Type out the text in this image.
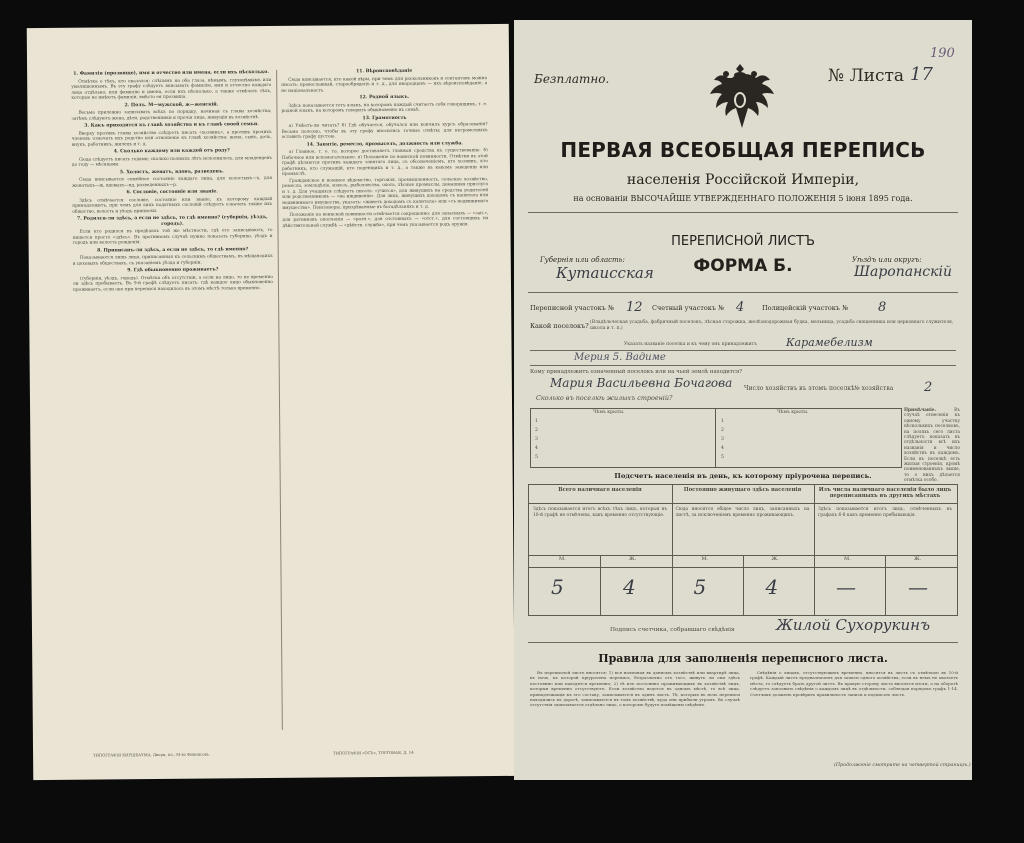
1. Фамилія (прозвище), имя и отчество или имена, если ихъ нѣсколько.
Отмѣтка о тѣхъ, кто оказался: слѣпымъ на оба глаза, нѣмымъ, глухонѣмымъ или умалишеннымъ. Въ эту графу слѣдуетъ вписывать фамилію, имя и отчество каждаго лица отдѣльно, или фамилію и имена, если ихъ нѣсколько, а также отмѣчать тѣхъ, которые не имѣютъ фамиліи, вмѣсто ея прозвища.
2. Полъ. М—мужской, ж—женскій.
Весьма прилежно записывать всѣхъ по порядку, начиная съ главы хозяйства; затѣмъ слѣдуютъ жена, дѣти, родственники и прочія лица, живущія въ хозяйствѣ.
3. Какъ приходится къ главѣ хозяйства и къ главѣ своей семьи.
Вверху противъ главы хозяйства слѣдуетъ писать «хозяинъ», а противъ прочихъ членовъ означать ихъ родство или отношеніе къ главѣ хозяйства: жена, сынъ, дочь, внукъ, работникъ, жилецъ и т. д.
4. Сколько каждому или каждой отъ роду?
Сюда слѣдуетъ писать годами; сколько полныхъ лѣтъ исполнилось, для младенцевъ до году — мѣсяцами.
5. Холостъ, женатъ, вдовъ, разведенъ.
Сюда вписывается семейное состояніе каждаго лица, для холостыхъ—х, для женатыхъ—ж, вдовыхъ—вд, разведенныхъ—р.
6. Сословіе, состояніе или званіе.
Здѣсь отмѣчается сословіе, состояніе или званіе, къ которому каждый принадлежитъ, при чемъ для лицъ податныхъ сословій слѣдуетъ означать также ихъ общество, волость и уѣздъ приписки.
7. Родился-ли здѣсь, а если не здѣсь, то гдѣ именно? (губернія, уѣздъ, городъ).
Если кто родился въ предѣлахъ той же мѣстности, гдѣ его записываютъ, то пишется просто «здѣсь». Въ противномъ случаѣ нужно показать губернію, уѣздъ и городъ или волость рожденія.
8. Приписанъ-ли здѣсь, а если не здѣсь, то гдѣ именно?
Показываются лишь лица, приписанныя къ сельскимъ обществамъ, въ мѣщанскихъ и цеховыхъ обществахъ, съ указаніемъ уѣзда и губерніи.
9. Гдѣ обыкновенно проживаетъ?
(губернія, уѣздъ, городъ). Отмѣтка объ отсутствіи, а если на лицо, то не временно ли здѣсь пребываетъ. Въ 9-й графѣ слѣдуетъ писать: гдѣ каждое лицо обыкновенно проживаетъ, если оно при переписи находилось въ этомъ мѣстѣ только временно.
11. Вѣроисповѣданіе
Сюда вписывается, кто какой вѣры, при чемъ для раскольниковъ и сектантовъ можно писать: православный, старообрядецъ и т. д., для инородцевъ — ихъ вѣроисповѣданіе, а не національность.
12. Родной языкъ.
Здѣсь показывается тотъ языкъ, на которомъ каждый считаетъ себя говорящимъ, т. е. родной языкъ, на которомъ говоритъ обыкновенно въ семьѣ.
13. Грамотность
а) Умѣетъ-ли читать? б) Гдѣ обучается, обучался или кончилъ курсъ образованія? Весьма полезно, чтобы въ эту графу вносились точные отвѣты; для неграмотныхъ оставить графу пустою.
14. Занятіе, ремесло, промыселъ, должность или служба.
а) Главное, т. е. то, которое доставляетъ главныя средства къ существованію. б) Побочное или вспомогательное. в) Положеніе по воинской повинности. Отмѣтки въ этой графѣ дѣлаются противъ каждаго занятаго лица, съ обозначеніемъ, кто хозяинъ, кто работникъ, кто служащій, кто поденщикъ и т. д., а также въ какомъ заведеніи или промыслѣ.
Гражданское и военное вѣдомство, торговля, промышленность, сельское хозяйство, ремесла, земледѣліе, извозъ, рыболовство, охота, лѣсные промыслы, домашняя прислуга и т. д. Для учащихся слѣдуетъ писать: «учится», для живущихъ на средства родителей или родственниковъ — «на иждивеніи». Для лицъ, живущихъ доходомъ съ капитала или недвижимаго имущества, указать: «живетъ доходомъ съ капитала» или «съ недвижимаго имущества». Пенсіонеры, призрѣваемые въ богадѣльняхъ и т. д.
Положеніе по воинской повинности отмѣчается сокращенно: для запасныхъ — «зап.», для ратниковъ ополченія — «ратн.», для отставныхъ — «отст.», для состоящихъ на дѣйствительной службѣ — «дѣйств. служба», при чемъ указывается родъ оружія.
ТИПОГРАФІЯ КИРШБАУМА, Дворц. пл., М-во Финансовъ.	ТИПОГРАФІЯ «ОСЪ», ТОРГОВАЯ, Д. 14
Безплатно.	№ Листа 17
190
ПЕРВАЯ ВСЕОБЩАЯ ПЕРЕПИСЬ
населенія Россійской Имперіи,
на основаніи ВЫСОЧАЙШЕ УТВЕРЖДЕННАГО ПОЛОЖЕНІЯ 5 іюня 1895 года.
ПЕРЕПИСНОЙ ЛИСТЪ
ФОРМА Б.
Губернія или область:
Кутаисская
Уѣздъ или округъ:
Шаропанскій
Переписной участокъ № 12 Счетный участокъ № 4	Полицейскій участокъ № 8
Какой поселокъ? (Владѣльческая усадьба, фабричный поселокъ, лѣсная сторожка, желѣзнодорожная будка, мельница, усадьба священника или церковнаго служителя, школа и т. п.)
Указать названіе поселка и къ чему онъ принадлежитъ	Карамебелизм
Мерия 5. Вадиме
Кому принадлежитъ означенный поселокъ или на чьей землѣ находится?
Мария Васильевна Бочагова
Сколько въ поселкѣ жилыхъ строеній?
Число хозяйствъ въ этомъ поселкѣ № хозяйства 2
Чѣмъ крыты.	Чѣмъ крыты.
1
2
3
4
5
1
2
3
4
5
Примѣчаніе.	Въ случаѣ отнесенія къ одному участку нѣсколькихъ поселковъ, на поляхъ сего листа слѣдуетъ показать въ отдѣльности всѣ ихъ названія и число хозяйствъ въ каждомъ. Если въ поселкѣ есть жилыя строенія, кромѣ поименованныхъ выше, то о нихъ дѣлается отмѣтка особо.
Подсчетъ населенія въ день, къ которому пріурочена перепись.
Всего наличнаго населенія
Здѣсь показывается итогъ всѣхъ тѣхъ лицъ, которыя въ 10-й графѣ не отмѣчены, какъ временно отсутствующіе.
М.	Ж.
5	4
Постоянно живущаго здѣсь населенія
Сюда вносится общее число лицъ, записанныхъ на листѣ, за исключеніемъ временно проживающихъ.
М.	Ж.
5	4
Изъ числа наличнаго населенія было лицъ переписанныхъ въ другихъ мѣстахъ
Здѣсь показывается итогъ лицъ, отмѣченныхъ въ графахъ 6-8 какъ временно пребывающія.
М.	Ж.
—	—
Подпись счетчика, собравшаго свѣдѣнія	Жилой Сухорукинъ
Правила для заполненія переписного листа.

Въ переписной листъ вносятся: 1) вся наличная въ данномъ хозяйствѣ или квартирѣ лица, въ ночь, къ которой пріурочена перепись, безразлично отъ того, живутъ ли они здѣсь постоянно или находятся временно; 2) тѣ изъ постоянно проживающихъ въ хозяйствѣ лицъ, которыя временно отсутствуютъ. Если хозяйство ведется въ одномъ мѣстѣ, то всѣ лица, принадлежащія къ его составу, записываются въ одинъ листъ. Тѣ, которыя въ ночь переписи находились въ дорогѣ, записываются въ томъ хозяйствѣ, куда они прибыли утромъ. Въ случаѣ отсутствія записывается отдѣльно лицо, о которомъ будутъ помѣщены свѣдѣнія.

Свѣдѣнія о лицахъ, отсутствующихъ временно, вносятся въ листъ съ отмѣткою въ 10-й графѣ. Каждый листъ предназначенъ для записи одного хозяйства; если въ немъ не хватаетъ мѣста, то слѣдуетъ брать другой листъ. Въ правую сторону листа вносятся итоги, а на оборотѣ слѣдуетъ заполнить свѣдѣнія о каждомъ лицѣ въ отдѣльности, соблюдая порядокъ графъ 1-14. Счетчикъ долженъ провѣрить правильность записи и подписать листъ.

(Продолженіе смотрите на четвертой страницѣ.)
